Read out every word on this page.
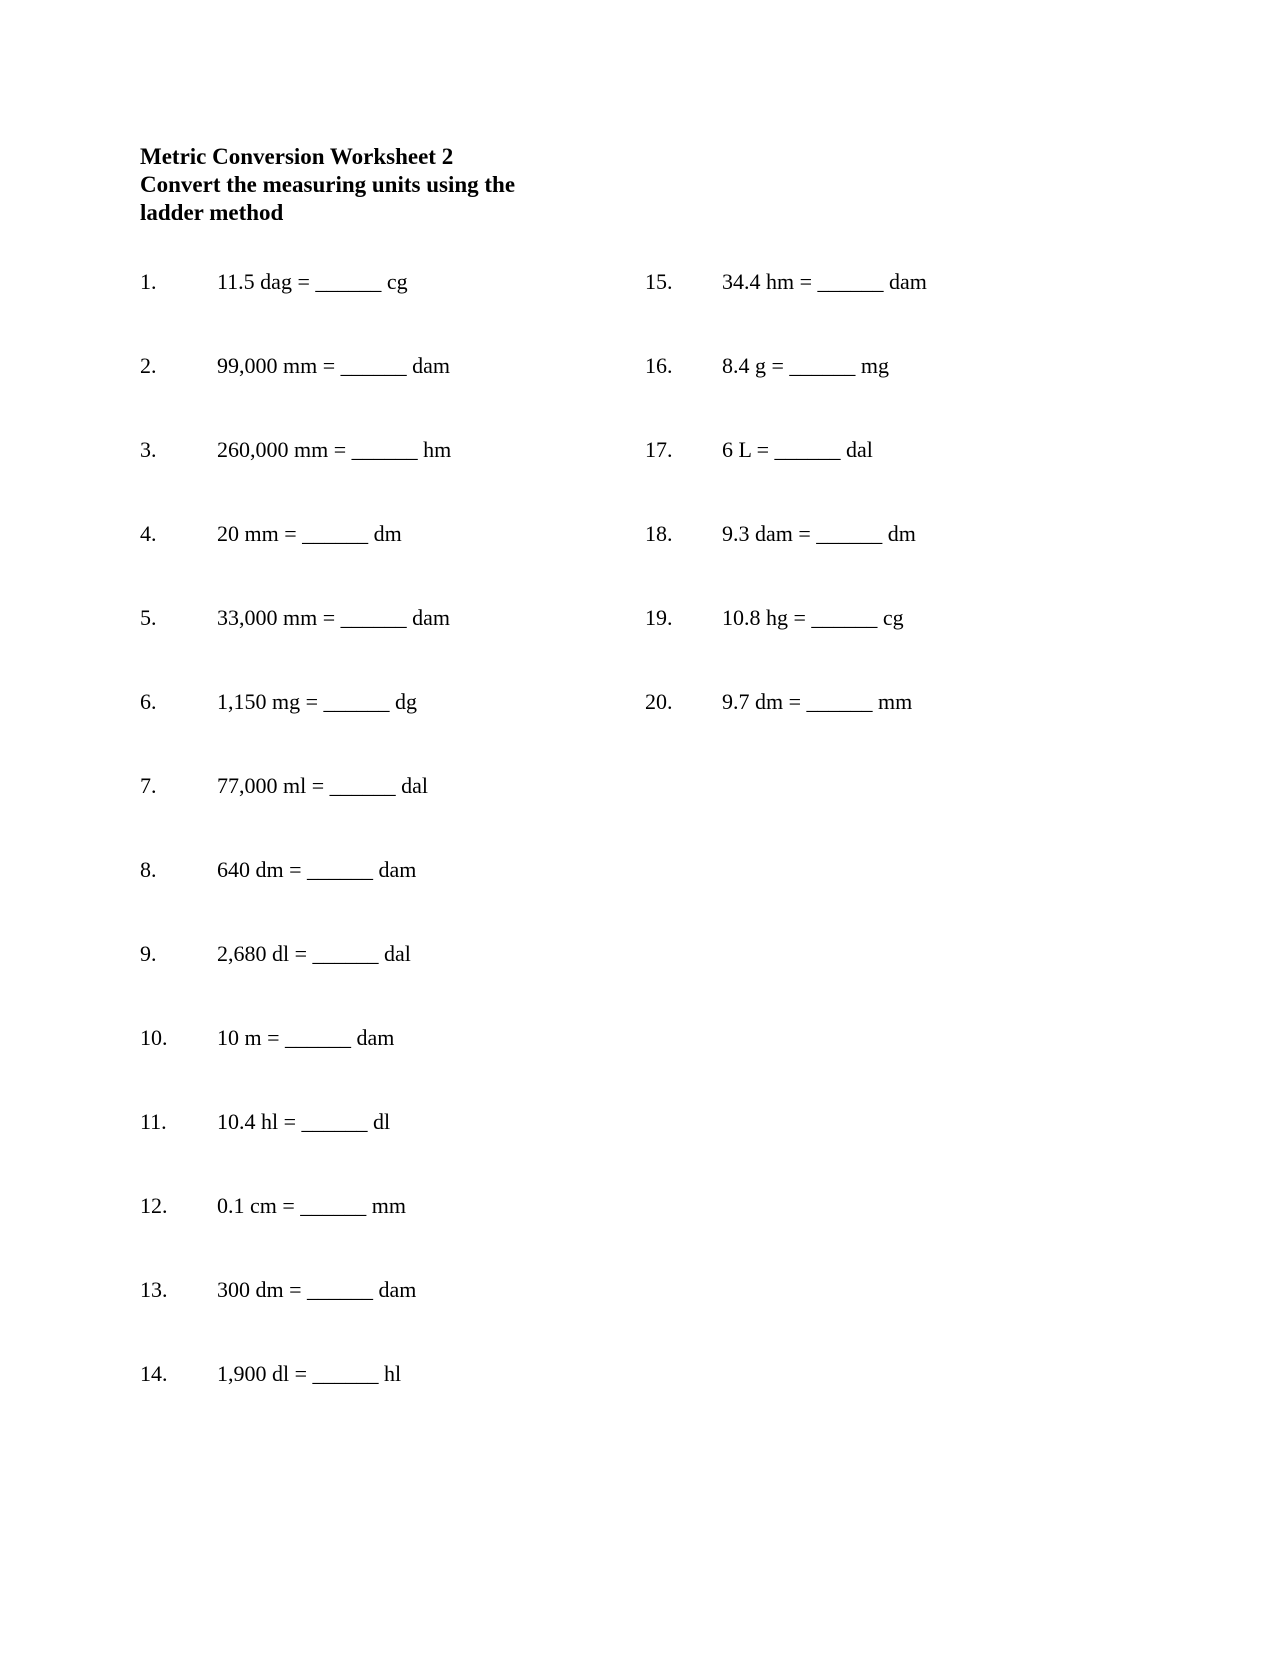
Metric Conversion Worksheet 2
Convert the measuring units using the
ladder method
1.	11.5 dag = ______ cg
2.	99,000 mm = ______ dam
3.	260,000 mm = ______ hm
4.	20 mm = ______ dm
5.	33,000 mm = ______ dam
6.	1,150 mg = ______ dg
7.	77,000 ml = ______ dal
8.	640 dm = ______ dam
9.	2,680 dl = ______ dal
10.	10 m = ______ dam
11.	10.4 hl = ______ dl
12.	0.1 cm = ______ mm
13.	300 dm = ______ dam
14.	1,900 dl = ______ hl
15.	34.4 hm = ______ dam
16.	8.4 g = ______ mg
17.	6 L = ______ dal
18.	9.3 dam = ______ dm
19.	10.8 hg = ______ cg
20.	9.7 dm = ______ mm
